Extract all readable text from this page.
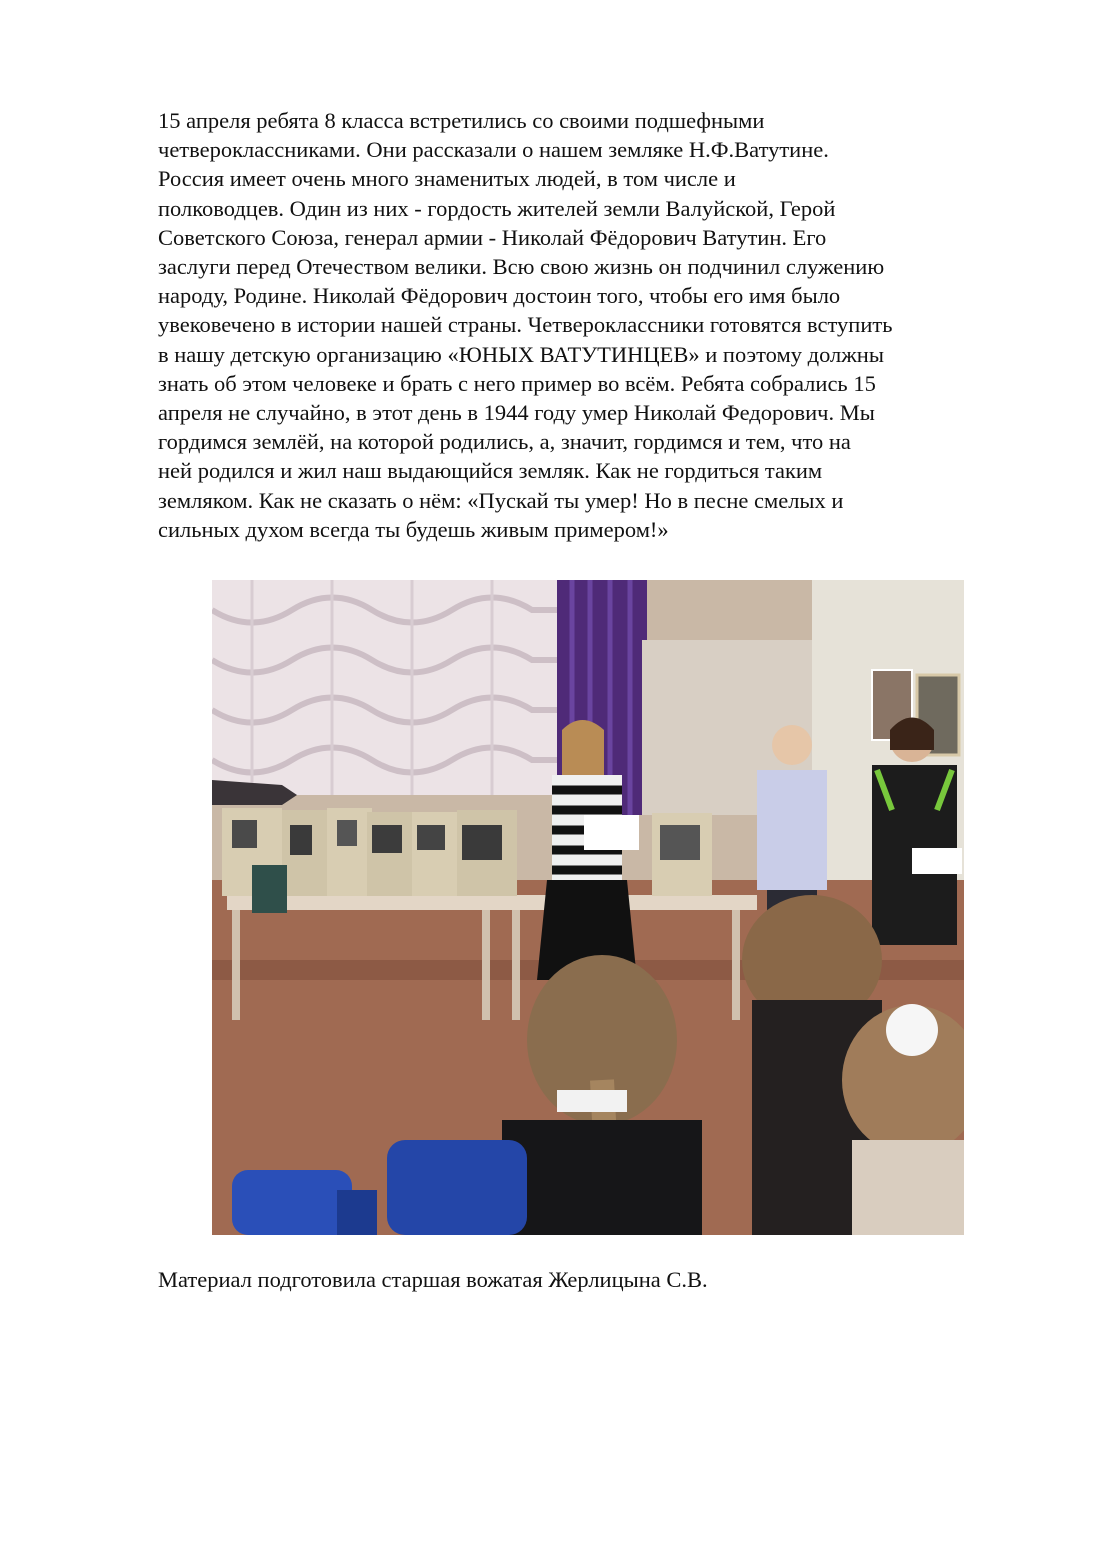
15 апреля ребята 8 класса встретились со своими подшефными
четвероклассниками. Они рассказали о нашем земляке Н.Ф.Ватутине.
Россия имеет очень много знаменитых людей, в том числе и
полководцев. Один из них - гордость жителей земли Валуйской, Герой
Советского Союза, генерал армии - Николай Фёдорович Ватутин. Его
заслуги перед Отечеством велики. Всю свою жизнь он подчинил служению
народу, Родине. Николай Фёдорович достоин того, чтобы его имя было
увековечено в истории нашей страны. Четвероклассники готовятся вступить
в нашу детскую организацию «ЮНЫХ ВАТУТИНЦЕВ» и поэтому должны
знать об этом человеке и брать с него пример во всём. Ребята собрались 15
апреля не случайно, в этот день в 1944 году умер Николай Федорович. Мы
гордимся землёй, на которой родились, а, значит, гордимся и тем, что на
ней родился и жил наш выдающийся земляк. Как не гордиться таким
земляком. Как не сказать о нём: «Пускай ты умер! Но в песне смелых и
сильных духом всегда ты будешь живым примером!»
Материал подготовила старшая вожатая Жерлицына С.В.
